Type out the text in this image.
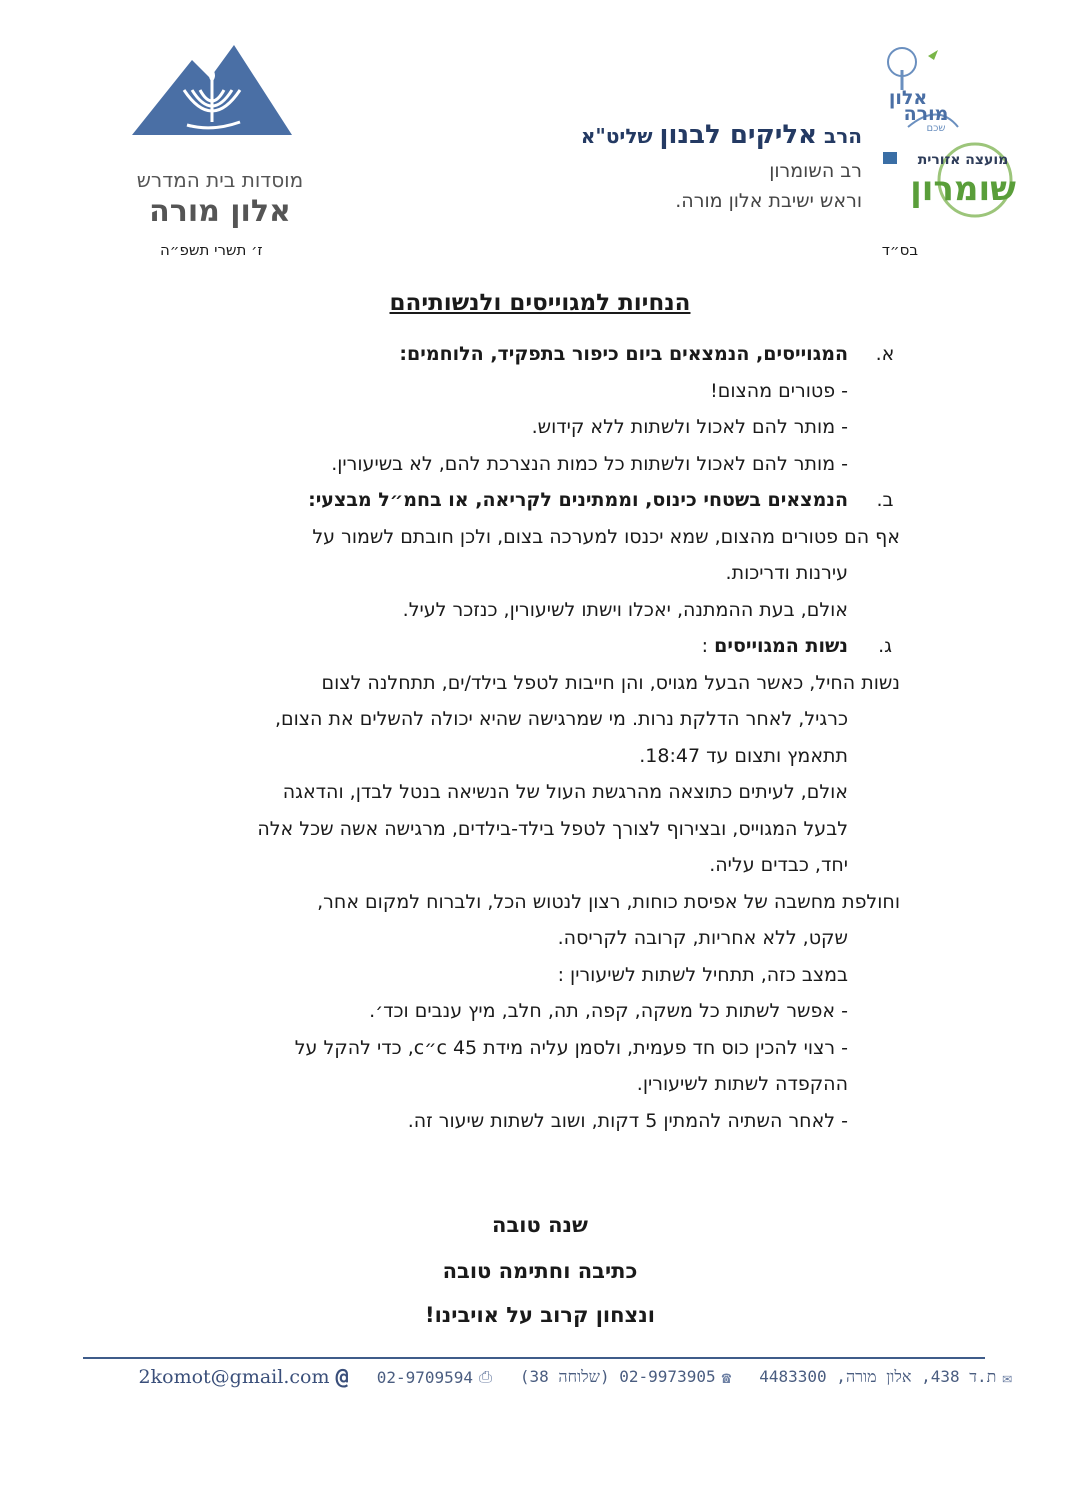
מוסדות בית המדרש
אלון מורה
הרב אליקים לבנון שליט"א
רב השומרון
וראש ישיבת אלון מורה.
אלון
מורה
שכם
מועצה אזורית
שומרון
ז׳ תשרי תשפ״ה	בס״ד
הנחיות למגוייסים ולנשותיהם
א.
המגוייסים, הנמצאים ביום כיפור בתפקיד, הלוחמים:
- פטורים מהצום!
- מותר להם לאכול ולשתות ללא קידוש.
- מותר להם לאכול ולשתות כל כמות הנצרכת להם, לא בשיעורין.
ב.
הנמצאים בשטחי כינוס, וממתינים לקריאה, או בחמ״ל מבצעי:
אף הם פטורים מהצום, שמא יכנסו למערכה בצום, ולכן חובתם לשמור על
עירנות ודריכות.
אולם, בעת ההמתנה, יאכלו וישתו לשיעורין, כנזכר לעיל.
ג.
נשות המגוייסים :
נשות החיל, כאשר הבעל מגויס, והן חייבות לטפל בילד/ים, תתחלנה לצום
כרגיל, לאחר הדלקת נרות. מי שמרגישה שהיא יכולה להשלים את הצום,
תתאמץ ותצום עד 18:47.
אולם, לעיתים כתוצאה מהרגשת העול של הנשיאה בנטל לבדן, והדאגה
לבעל המגוייס, ובצירוף לצורך לטפל בילד-בילדים, מרגישה אשה שכל אלה
יחד, כבדים עליה.
וחולפת מחשבה של אפיסת כוחות, רצון לנטוש הכל, ולברוח למקום אחר,
שקט, ללא אחריות, קרובה לקריסה.
במצב כזה, תתחיל לשתות לשיעורין :
- אפשר לשתות כל משקה, קפה, תה, חלב, מיץ ענבים וכד׳.
- רצוי להכין כוס חד פעמית, ולסמן עליה מידת 45 c״c, כדי להקל על
ההקפדה לשתות לשיעורין.
- לאחר השתיה להמתין 5 דקות, ושוב לשתות שיעור זה.
שנה טובה
כתיבה וחתימה טובה
ונצחון קרוב על אויבינו!
✉
ת.ד 438, אלון מורה, 4483300
☎
02-9973905 (שלוחה 38)
⎙
02-9709594
@
2komot@gmail.com
